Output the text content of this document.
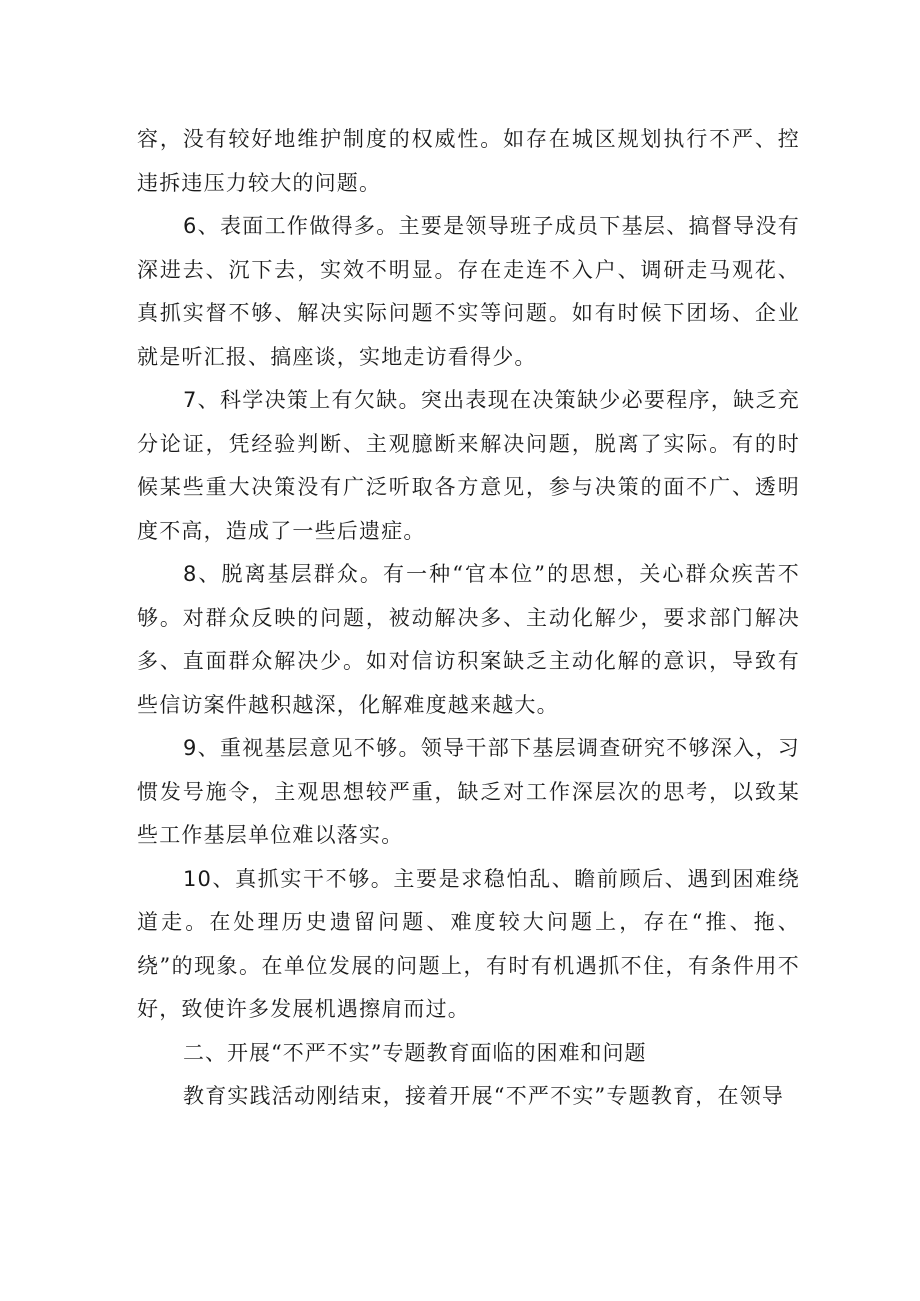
容，没有较好地维护制度的权威性。如存在城区规划执行不严、控违拆违压力较大的问题。

6、表面工作做得多。主要是领导班子成员下基层、搞督导没有深进去、沉下去，实效不明显。存在走连不入户、调研走马观花、真抓实督不够、解决实际问题不实等问题。如有时候下团场、企业就是听汇报、搞座谈，实地走访看得少。

7、科学决策上有欠缺。突出表现在决策缺少必要程序，缺乏充分论证，凭经验判断、主观臆断来解决问题，脱离了实际。有的时候某些重大决策没有广泛听取各方意见，参与决策的面不广、透明度不高，造成了一些后遗症。

8、脱离基层群众。有一种“官本位”的思想，关心群众疾苦不够。对群众反映的问题，被动解决多、主动化解少，要求部门解决多、直面群众解决少。如对信访积案缺乏主动化解的意识，导致有些信访案件越积越深，化解难度越来越大。

9、重视基层意见不够。领导干部下基层调查研究不够深入，习惯发号施令，主观思想较严重，缺乏对工作深层次的思考，以致某些工作基层单位难以落实。

10、真抓实干不够。主要是求稳怕乱、瞻前顾后、遇到困难绕道走。在处理历史遗留问题、难度较大问题上，存在“推、拖、绕”的现象。在单位发展的问题上，有时有机遇抓不住，有条件用不好，致使许多发展机遇擦肩而过。

二、开展“不严不实”专题教育面临的困难和问题

教育实践活动刚结束，接着开展“不严不实”专题教育，在领导
